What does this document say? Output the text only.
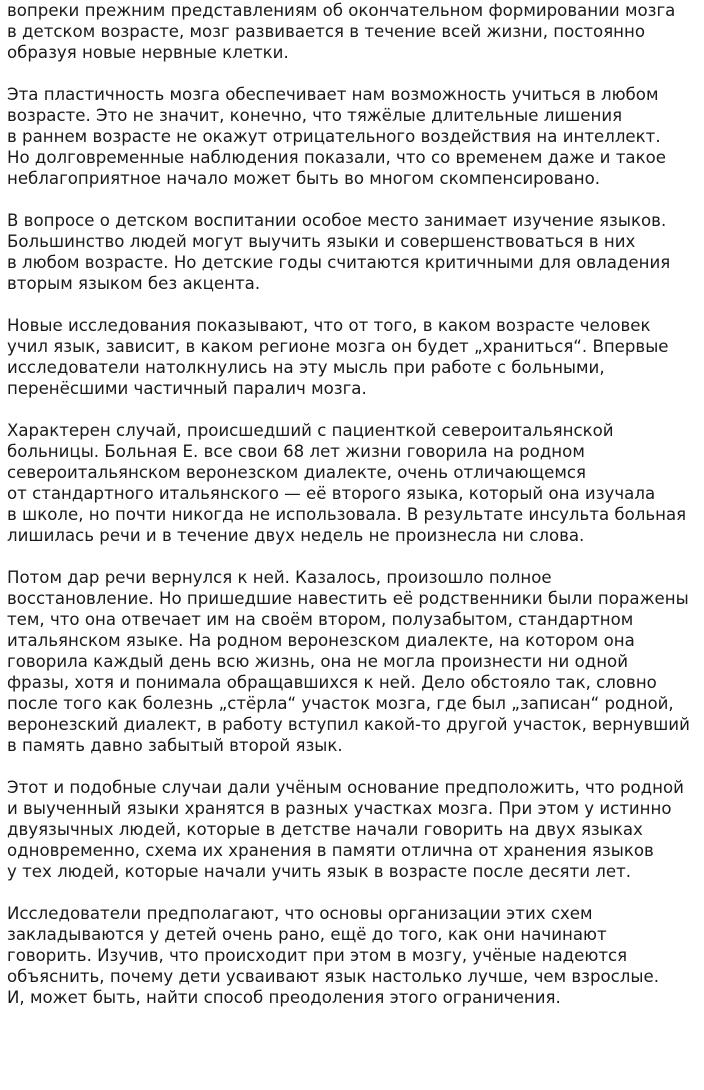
вопреки прежним представлениям об окончательном формировании мозга
в детском возрасте, мозг развивается в течение всей жизни, постоянно
образуя новые нервные клетки.

Эта пластичность мозга обеспечивает нам возможность учиться в любом
возрасте. Это не значит, конечно, что тяжёлые длительные лишения
в раннем возрасте не окажут отрицательного воздействия на интеллект.
Но долговременные наблюдения показали, что со временем даже и такое
неблагоприятное начало может быть во многом скомпенсировано.

В вопросе о детском воспитании особое место занимает изучение языков.
Большинство людей могут выучить языки и совершенствоваться в них
в любом возрасте. Но детские годы считаются критичными для овладения
вторым языком без акцента.

Новые исследования показывают, что от того, в каком возрасте человек
учил язык, зависит, в каком регионе мозга он будет „храниться“. Впервые
исследователи натолкнулись на эту мысль при работе с больными,
перенёсшими частичный паралич мозга.

Характерен случай, происшедший с пациенткой североитальянской
больницы. Больная Е. все свои 68 лет жизни говорила на родном
североитальянском веронезском диалекте, очень отличающемся
от стандартного итальянского — её второго языка, который она изучала
в школе, но почти никогда не использовала. В результате инсульта больная
лишилась речи и в течение двух недель не произнесла ни слова.

Потом дар речи вернулся к ней. Казалось, произошло полное
восстановление. Но пришедшие навестить её родственники были поражены
тем, что она отвечает им на своём втором, полузабытом, стандартном
итальянском языке. На родном веронезском диалекте, на котором она
говорила каждый день всю жизнь, она не могла произнести ни одной
фразы, хотя и понимала обращавшихся к ней. Дело обстояло так, словно
после того как болезнь „стёрла“ участок мозга, где был „записан“ родной,
веронезский диалект, в работу вступил какой-то другой участок, вернувший
в память давно забытый второй язык.

Этот и подобные случаи дали учёным основание предположить, что родной
и выученный языки хранятся в разных участках мозга. При этом у истинно
двуязычных людей, которые в детстве начали говорить на двух языках
одновременно, схема их хранения в памяти отлична от хранения языков
у тех людей, которые начали учить язык в возрасте после десяти лет.

Исследователи предполагают, что основы организации этих схем
закладываются у детей очень рано, ещё до того, как они начинают
говорить. Изучив, что происходит при этом в мозгу, учёные надеются
объяснить, почему дети усваивают язык настолько лучше, чем взрослые.
И, может быть, найти способ преодоления этого ограничения.
